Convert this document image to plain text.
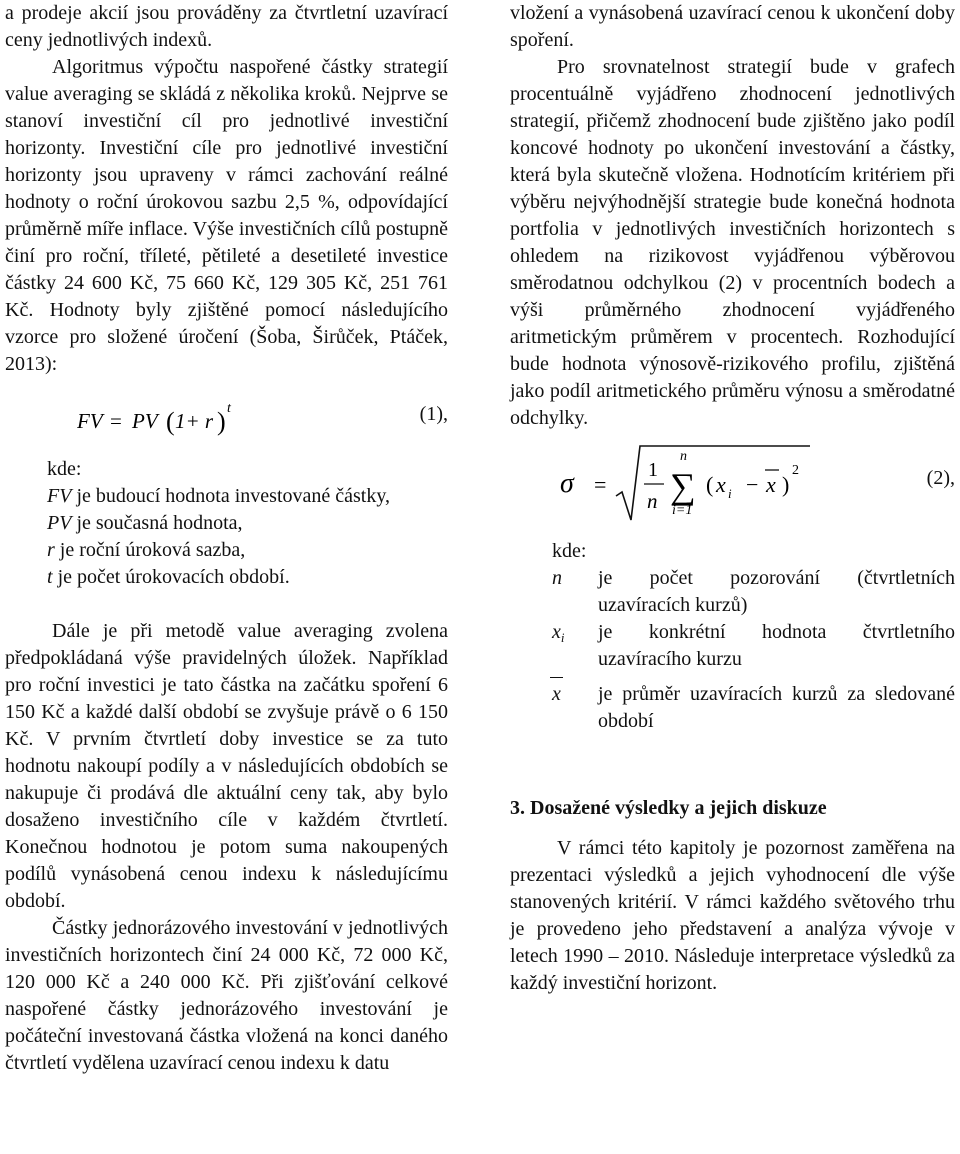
a prodeje akcií jsou prováděny za čtvrtletní uzavírací ceny jednotlivých indexů.

Algoritmus výpočtu naspořené částky strategií value averaging se skládá z několika kroků. Nejprve se stanoví investiční cíl pro jednotlivé investiční horizonty. Investiční cíle pro jednotlivé investiční horizonty jsou upraveny v rámci zachování reálné hodnoty o roční úrokovou sazbu 2,5 %, odpovídající průměrně míře inflace. Výše investičních cílů postupně činí pro roční, tříleté, pětileté a desetileté investice částky 24 600 Kč, 75 660 Kč, 129 305 Kč, 251 761 Kč. Hodnoty byly zjištěné pomocí následujícího vzorce pro složené úročení (Šoba, Širůček, Ptáček, 2013):

FV = PV ( 1+ r ) t	(1),

kde:

FV je budoucí hodnota investované částky,
PV je současná hodnota,
r je roční úroková sazba,
t je počet úrokovacích období.

Dále je při metodě value averaging zvolena předpokládaná výše pravidelných úložek. Například pro roční investici je tato částka na začátku spoření 6 150 Kč a každé další období se zvyšuje právě o 6 150 Kč. V prvním čtvrtletí doby investice se za tuto hodnotu nakoupí podíly a v následujících obdobích se nakupuje či prodává dle aktuální ceny tak, aby bylo dosaženo investičního cíle v každém čtvrtletí. Konečnou hodnotou je potom suma nakoupených podílů vynásobená cenou indexu k následujícímu období.

Částky jednorázového investování v jednotlivých investičních horizontech činí 24 000 Kč, 72 000 Kč, 120 000 Kč a 240 000 Kč. Při zjišťování celkové naspořené částky jednorázového investování je počáteční investovaná částka vložená na konci daného čtvrtletí vydělena uzavírací cenou indexu k datu

vložení a vynásobená uzavírací cenou k ukončení doby spoření.

Pro srovnatelnost strategií bude v grafech procentuálně vyjádřeno zhodnocení jednotlivých strategií, přičemž zhodnocení bude zjištěno jako podíl koncové hodnoty po ukončení investování a částky, která byla skutečně vložena. Hodnotícím kritériem při výběru nejvýhodnější strategie bude konečná hodnota portfolia v jednotlivých investičních horizontech s ohledem na rizikovost vyjádřenou výběrovou směrodatnou odchylkou (2) v procentních bodech a výši průměrného zhodnocení vyjádřeného aritmetickým průměrem v procentech. Rozhodující bude hodnota výnosově-rizikového profilu, zjištěná jako podíl aritmetického průměru výnosu a směrodatné odchylky.

σ =
1
n
n
∑
i=1
( x i − x )
2	(2),

kde:

n	je počet pozorování (čtvrtletních uzavíracích kurzů)
$x_i$	je konkrétní hodnota čtvrtletního uzavíracího kurzu
x	je průměr uzavíracích kurzů za sledované období

3. Dosažené výsledky a jejich diskuze

V rámci této kapitoly je pozornost zaměřena na prezentaci výsledků a jejich vyhodnocení dle výše stanovených kritérií. V rámci každého světového trhu je provedeno jeho představení a analýza vývoje v letech 1990 – 2010. Následuje interpretace výsledků za každý investiční horizont.
